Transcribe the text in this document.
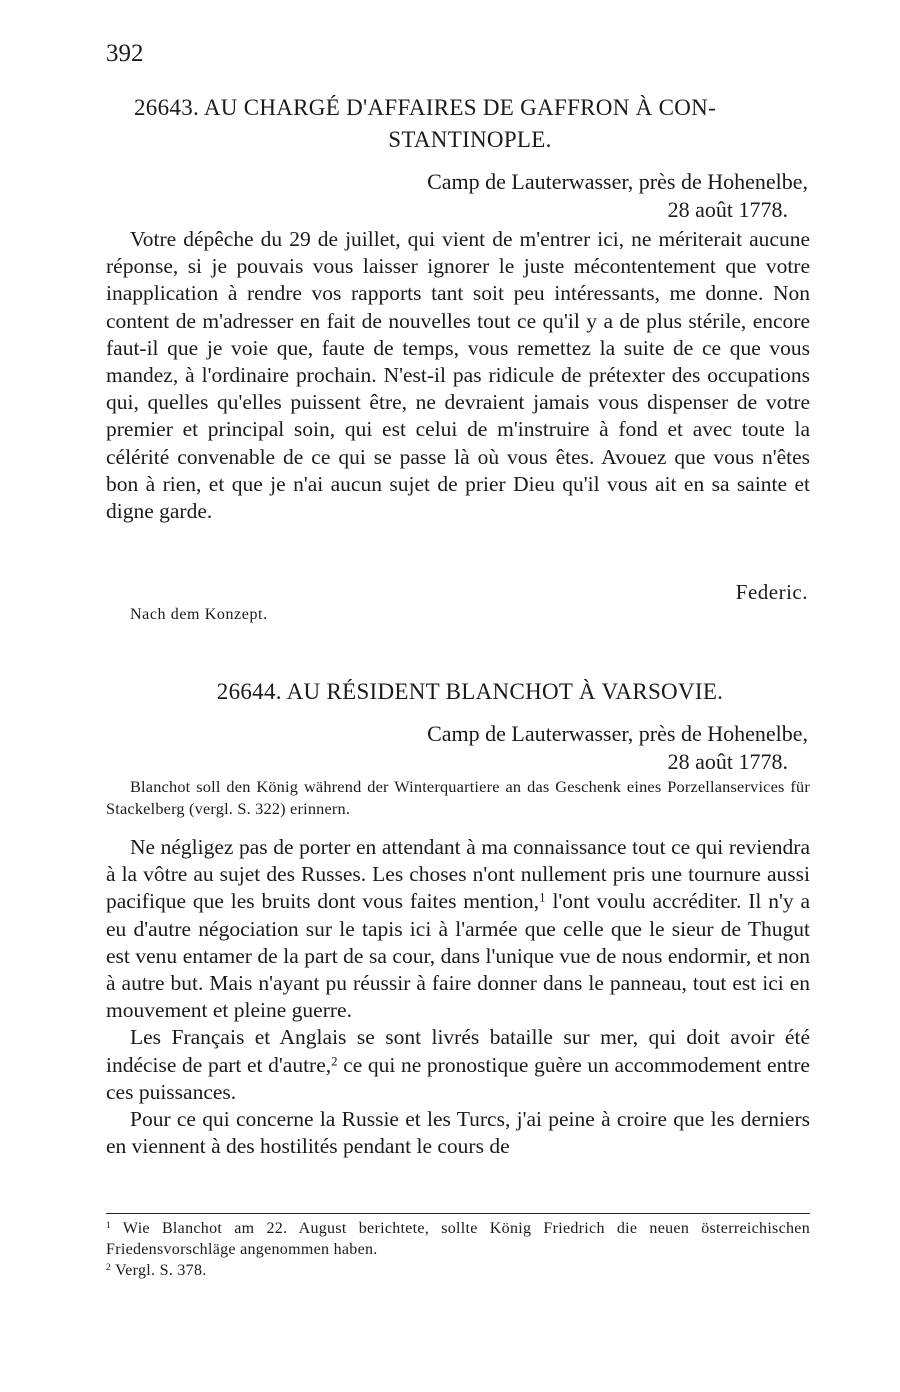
392
26643. AU CHARGÉ D'AFFAIRES DE GAFFRON À CON-
STANTINOPLE.
Camp de Lauterwasser, près de Hohenelbe,
28 août 1778.

Votre dépêche du 29 de juillet, qui vient de m'entrer ici, ne mériterait aucune réponse, si je pouvais vous laisser ignorer le juste mécontentement que votre inapplication à rendre vos rapports tant soit peu intéressants, me donne. Non content de m'adresser en fait de nouvelles tout ce qu'il y a de plus stérile, encore faut-il que je voie que, faute de temps, vous remettez la suite de ce que vous mandez, à l'ordinaire prochain. N'est-il pas ridicule de prétexter des occupations qui, quelles qu'elles puissent être, ne devraient jamais vous dispenser de votre premier et principal soin, qui est celui de m'instruire à fond et avec toute la célérité convenable de ce qui se passe là où vous êtes. Avouez que vous n'êtes bon à rien, et que je n'ai aucun sujet de prier Dieu qu'il vous ait en sa sainte et digne garde.

Federic.
Nach dem Konzept.
26644. AU RÉSIDENT BLANCHOT À VARSOVIE.
Camp de Lauterwasser, près de Hohenelbe,
28 août 1778.

Blanchot soll den König während der Winterquartiere an das Geschenk eines Porzellanservices für Stackelberg (vergl. S. 322) erinnern.

Ne négligez pas de porter en attendant à ma connaissance tout ce qui reviendra à la vôtre au sujet des Russes. Les choses n'ont nullement pris une tournure aussi pacifique que les bruits dont vous faites mention,$^1$ l'ont voulu accréditer. Il n'y a eu d'autre négociation sur le tapis ici à l'armée que celle que le sieur de Thugut est venu entamer de la part de sa cour, dans l'unique vue de nous endormir, et non à autre but. Mais n'ayant pu réussir à faire donner dans le panneau, tout est ici en mouvement et pleine guerre.

Les Français et Anglais se sont livrés bataille sur mer, qui doit avoir été indécise de part et d'autre,$^2$ ce qui ne pronostique guère un accommodement entre ces puissances.

Pour ce qui concerne la Russie et les Turcs, j'ai peine à croire que les derniers en viennent à des hostilités pendant le cours de

$^1$ Wie Blanchot am 22. August berichtete, sollte König Friedrich die neuen österreichischen Friedensvorschläge angenommen haben.

$^2$ Vergl. S. 378.
